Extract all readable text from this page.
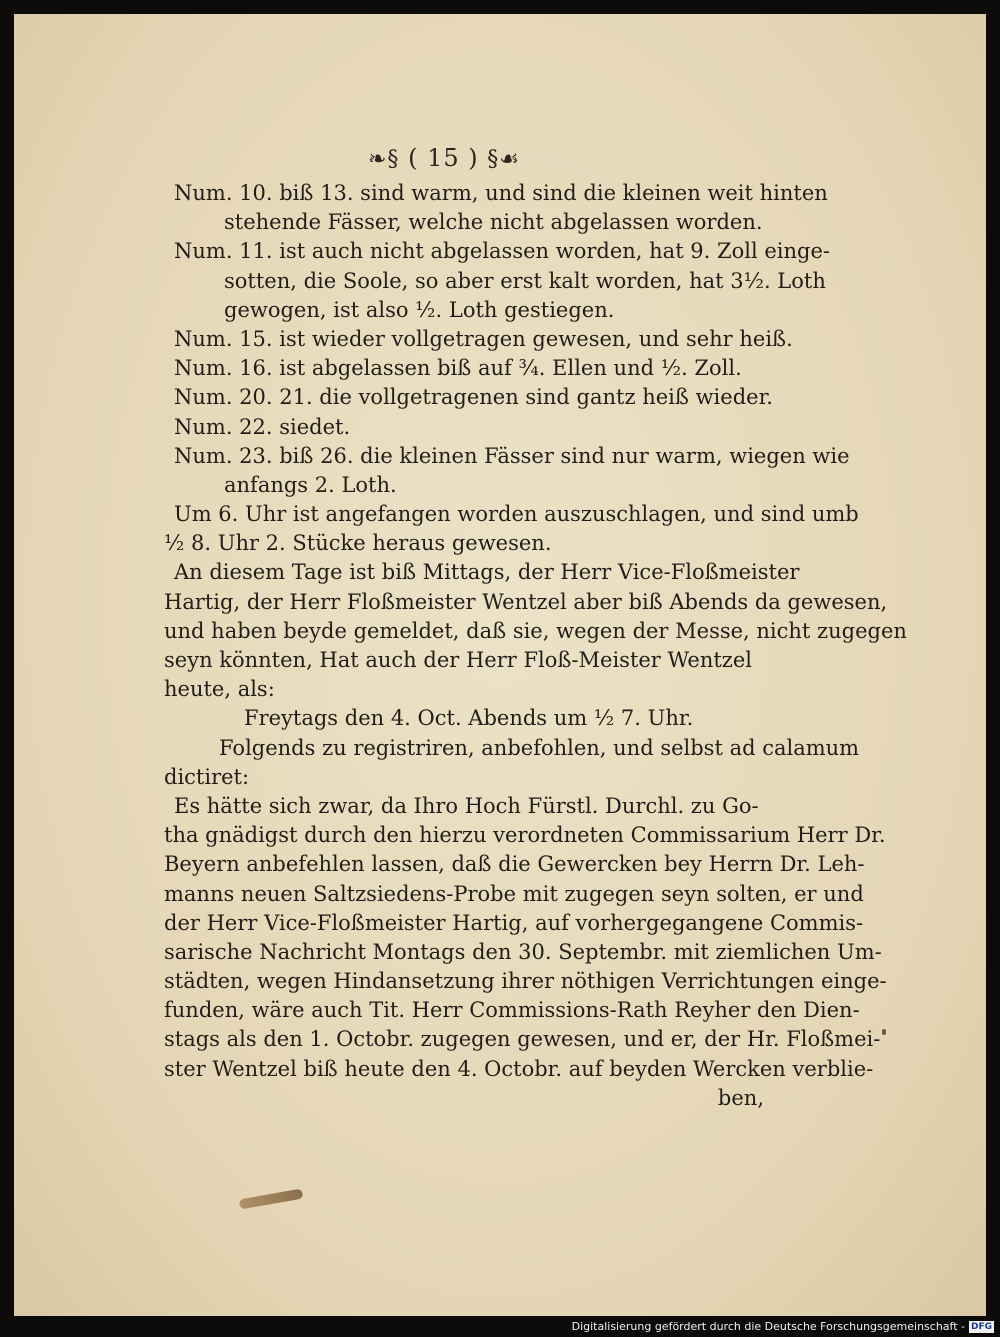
❧§ ( 15 ) §☙
Num. 10. biß 13. sind warm, und sind die kleinen weit hinten
stehende Fässer, welche nicht abgelassen worden.
Num. 11. ist auch nicht abgelassen worden, hat 9. Zoll einge-
sotten, die Soole, so aber erst kalt worden, hat 3½. Loth
gewogen, ist also ½. Loth gestiegen.
Num. 15. ist wieder vollgetragen gewesen, und sehr heiß.
Num. 16. ist abgelassen biß auf ¾. Ellen und ½. Zoll.
Num. 20. 21. die vollgetragenen sind gantz heiß wieder.
Num. 22. siedet.
Num. 23. biß 26. die kleinen Fässer sind nur warm, wiegen wie
anfangs 2. Loth.
Um 6. Uhr ist angefangen worden auszuschlagen, und sind umb
½ 8. Uhr 2. Stücke heraus gewesen.
An diesem Tage ist biß Mittags, der Herr Vice-Floßmeister
Hartig, der Herr Floßmeister Wentzel aber biß Abends da gewesen,
und haben beyde gemeldet, daß sie, wegen der Messe, nicht zugegen
seyn könnten, Hat auch der Herr Floß-Meister Wentzel
heute, als:
Freytags den 4. Oct. Abends um ½ 7. Uhr.
Folgends zu registriren, anbefohlen, und selbst ad calamum
dictiret:
Es hätte sich zwar, da Ihro Hoch Fürstl. Durchl. zu Go-
tha gnädigst durch den hierzu verordneten Commissarium Herr Dr.
Beyern anbefehlen lassen, daß die Gewercken bey Herrn Dr. Leh-
manns neuen Saltzsiedens-Probe mit zugegen seyn solten, er und
der Herr Vice-Floßmeister Hartig, auf vorhergegangene Commis-
sarische Nachricht Montags den 30. Septembr. mit ziemlichen Um-
städten, wegen Hindansetzung ihrer nöthigen Verrichtungen einge-
funden, wäre auch Tit. Herr Commissions-Rath Reyher den Dien-
stags als den 1. Octobr. zugegen gewesen, und er, der Hr. Floßmei-
ster Wentzel biß heute den 4. Octobr. auf beyden Wercken verblie-
ben,
Digitalisierung gefördert durch die Deutsche Forschungsgemeinschaft - DFG
